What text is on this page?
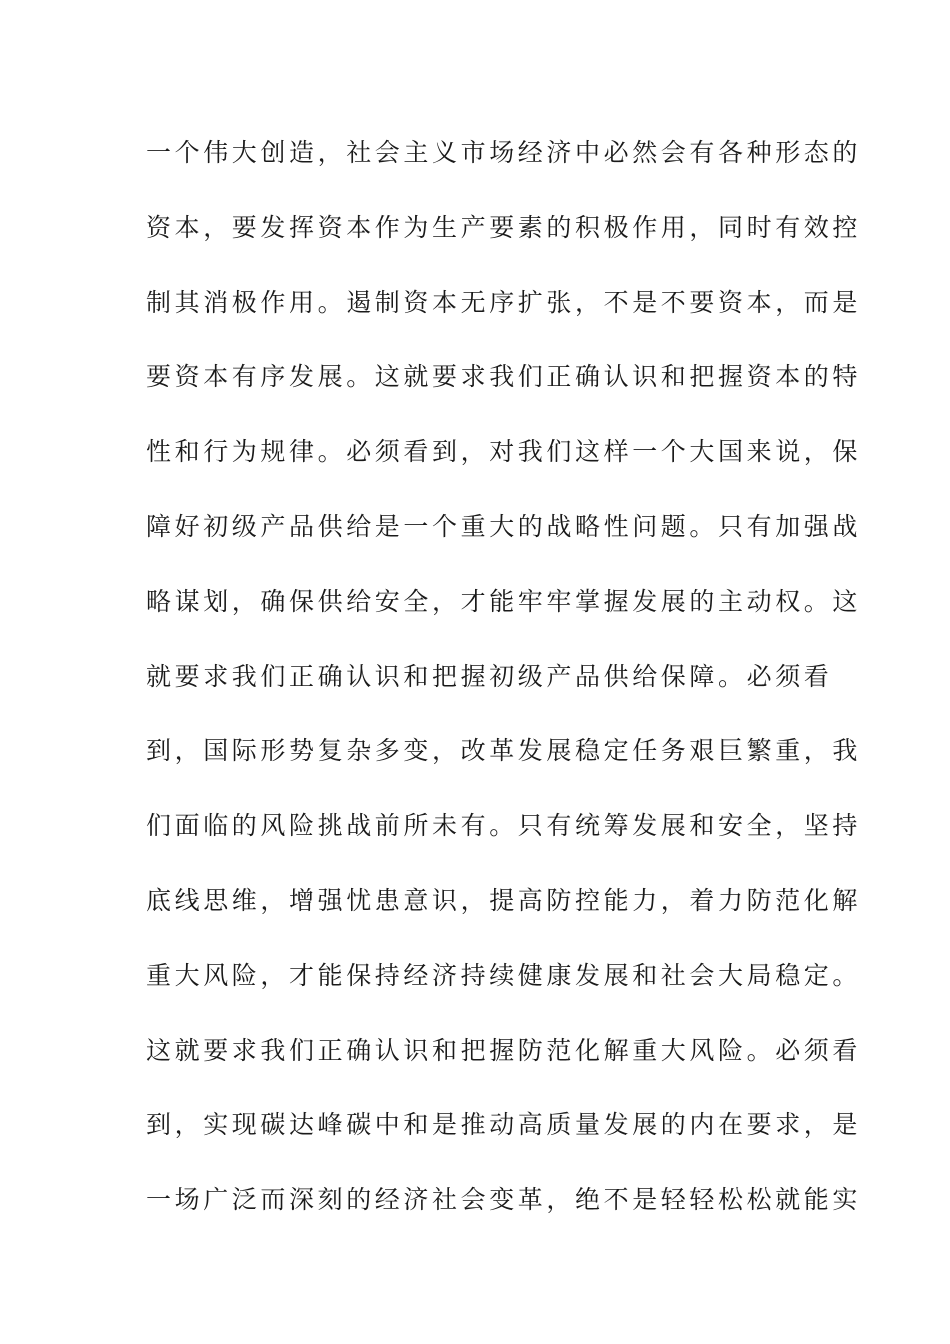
一个伟大创造，社会主义市场经济中必然会有各种形态的
资本，要发挥资本作为生产要素的积极作用，同时有效控
制其消极作用。遏制资本无序扩张，不是不要资本，而是
要资本有序发展。这就要求我们正确认识和把握资本的特
性和行为规律。必须看到，对我们这样一个大国来说，保
障好初级产品供给是一个重大的战略性问题。只有加强战
略谋划，确保供给安全，才能牢牢掌握发展的主动权。这
就要求我们正确认识和把握初级产品供给保障。必须看
到，国际形势复杂多变，改革发展稳定任务艰巨繁重，我
们面临的风险挑战前所未有。只有统筹发展和安全，坚持
底线思维，增强忧患意识，提高防控能力，着力防范化解
重大风险，才能保持经济持续健康发展和社会大局稳定。
这就要求我们正确认识和把握防范化解重大风险。必须看
到，实现碳达峰碳中和是推动高质量发展的内在要求，是
一场广泛而深刻的经济社会变革，绝不是轻轻松松就能实
